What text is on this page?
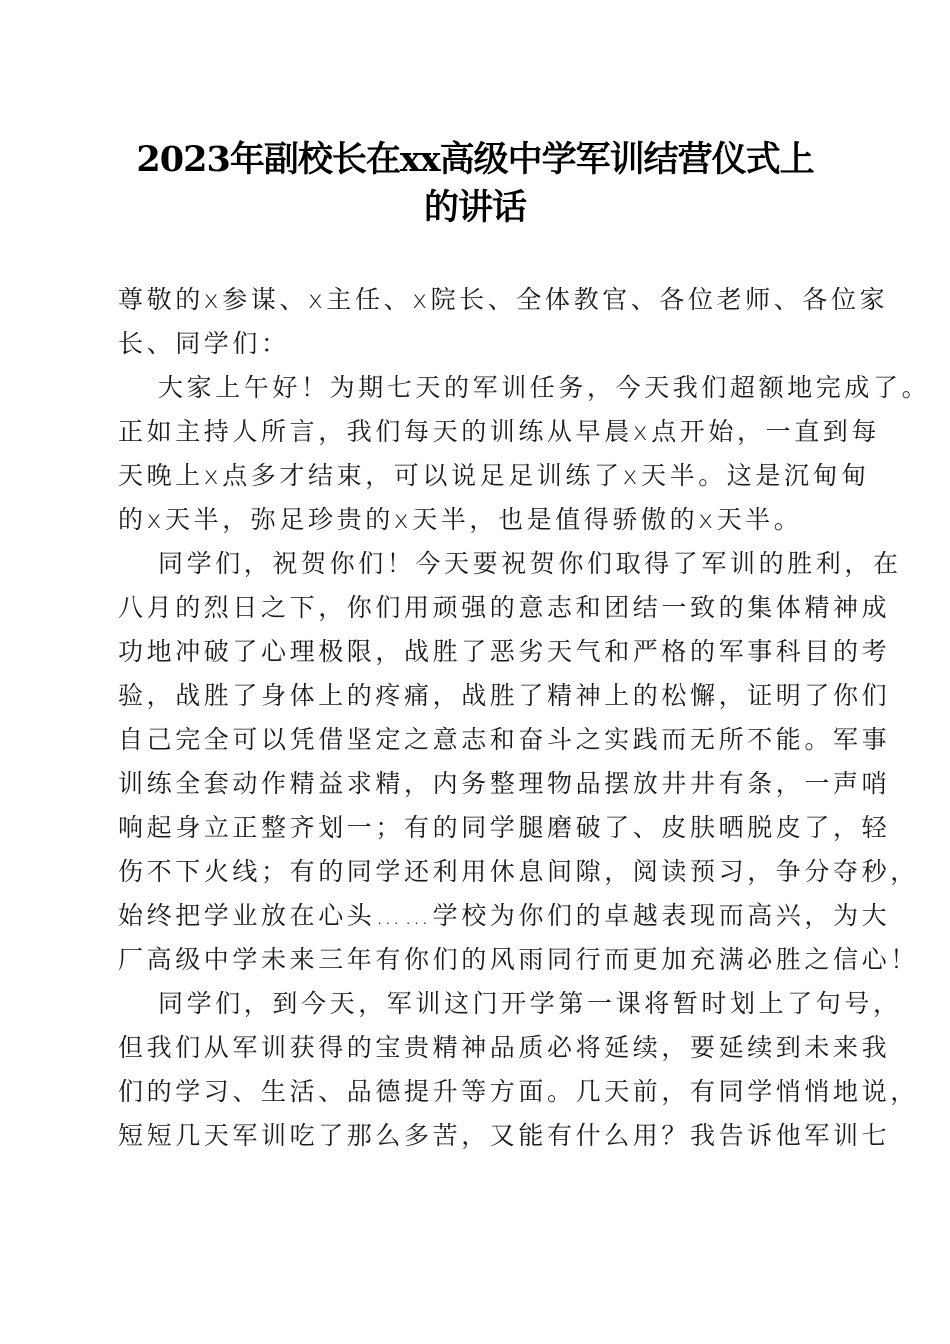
2023年副校长在xx高级中学军训结营仪式上
的讲话
尊敬的x参谋、x主任、x院长、全体教官、各位老师、各位家
长、同学们：
大家上午好！为期七天的军训任务，今天我们超额地完成了。
正如主持人所言，我们每天的训练从早晨x点开始，一直到每
天晚上x点多才结束，可以说足足训练了x天半。这是沉甸甸
的x天半，弥足珍贵的x天半，也是值得骄傲的x天半。
同学们，祝贺你们！今天要祝贺你们取得了军训的胜利，在
八月的烈日之下，你们用顽强的意志和团结一致的集体精神成
功地冲破了心理极限，战胜了恶劣天气和严格的军事科目的考
验，战胜了身体上的疼痛，战胜了精神上的松懈，证明了你们
自己完全可以凭借坚定之意志和奋斗之实践而无所不能。军事
训练全套动作精益求精，内务整理物品摆放井井有条，一声哨
响起身立正整齐划一；有的同学腿磨破了、皮肤晒脱皮了，轻
伤不下火线；有的同学还利用休息间隙，阅读预习，争分夺秒，
始终把学业放在心头……学校为你们的卓越表现而高兴，为大
厂高级中学未来三年有你们的风雨同行而更加充满必胜之信心！
同学们，到今天，军训这门开学第一课将暂时划上了句号，
但我们从军训获得的宝贵精神品质必将延续，要延续到未来我
们的学习、生活、品德提升等方面。几天前，有同学悄悄地说，
短短几天军训吃了那么多苦，又能有什么用？我告诉他军训七
